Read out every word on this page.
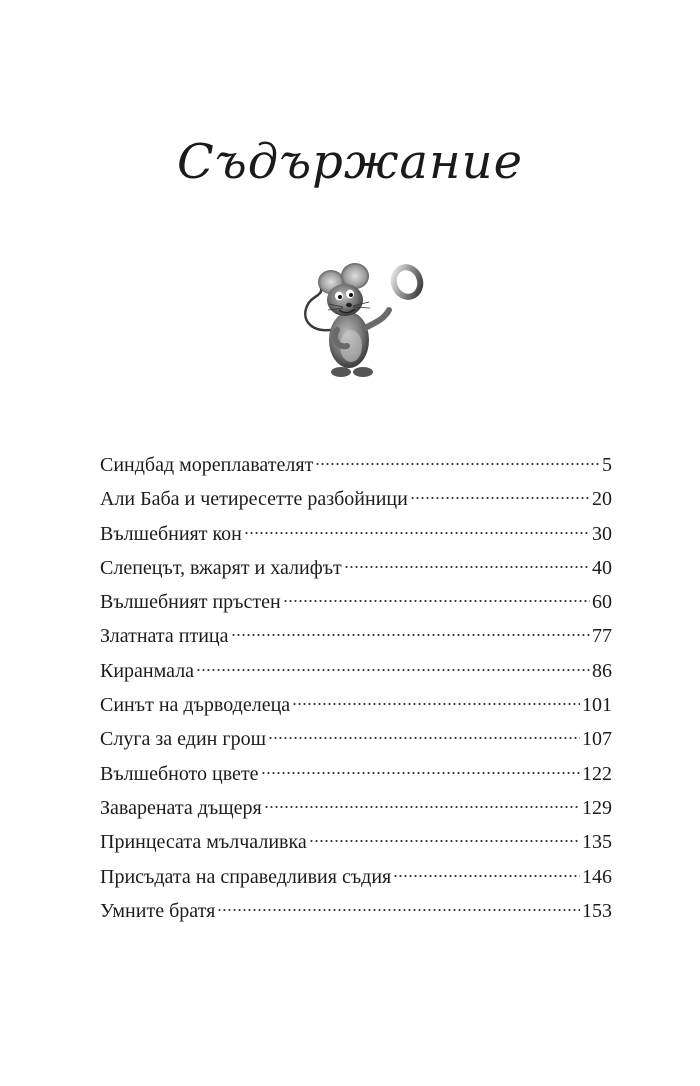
Съдържание
Синдбад мореплавателят	5
Али Баба и четиресетте разбойници	20
Вълшебният кон	30
Слепецът, вжарят и халифът	40
Вълшебният пръстен	60
Златната птица	77
Киранмала	86
Синът на дърводелеца	101
Слуга за един грош	107
Вълшебното цвете	122
Заварената дъщеря	129
Принцесата мълчаливка	135
Присъдата на справедливия съдия	146
Умните братя	153
